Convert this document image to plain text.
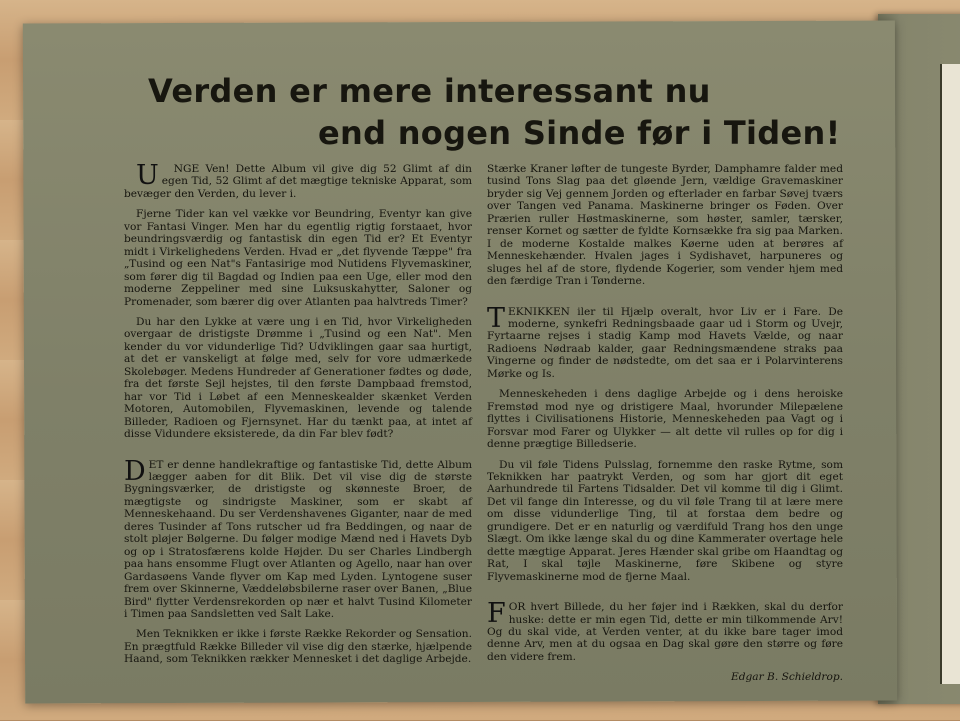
Verden er mere interessant nu
end nogen Sinde før i Tiden!

U NGE Ven! Dette Album vil give dig 52 Glimt af din egen Tid, 52 Glimt af det mægtige tekniske Apparat, som bevæger den Verden, du lever i.

Fjerne Tider kan vel vække vor Beundring, Eventyr kan give vor Fantasi Vinger. Men har du egentlig rigtig forstaaet, hvor beundringsværdig og fantastisk din egen Tid er? Et Eventyr midt i Virkelighedens Verden. Hvad er „det flyvende Tæppe" fra „Tusind og een Nat"s Fantasirige mod Nutidens Flyvemaskiner, som fører dig til Bagdad og Indien paa een Uge, eller mod den moderne Zeppeliner med sine Luksuskahytter, Saloner og Promenader, som bærer dig over Atlanten paa halvtreds Timer?

Du har den Lykke at være ung i en Tid, hvor Virkeligheden overgaar de dristigste Drømme i „Tusind og een Nat". Men kender du vor vidunderlige Tid? Udviklingen gaar saa hurtigt, at det er vanskeligt at følge med, selv for vore udmærkede Skolebøger. Medens Hundreder af Generationer fødtes og døde, fra det første Sejl hejstes, til den første Dampbaad fremstod, har vor Tid i Løbet af een Menneskealder skænket Verden Motoren, Automobilen, Flyvemaskinen, levende og talende Billeder, Radioen og Fjernsynet. Har du tænkt paa, at intet af disse Vidundere eksisterede, da din Far blev født?

DET er denne handlekraftige og fantastiske Tid, dette Album lægger aaben for dit Blik. Det vil vise dig de største Bygningsværker, de dristigste og skønneste Broer, de mægtigste og sindrigste Maskiner, som er skabt af Menneskehaand. Du ser Verdenshavenes Giganter, naar de med deres Tusinder af Tons rutscher ud fra Beddingen, og naar de stolt pløjer Bølgerne. Du følger modige Mænd ned i Havets Dyb og op i Stratosfærens kolde Højder. Du ser Charles Lindbergh paa hans ensomme Flugt over Atlanten og Agello, naar han over Gardasøens Vande flyver om Kap med Lyden. Lyntogene suser frem over Skinnerne, Væddeløbsbilerne raser over Banen, „Blue Bird" flytter Verdensrekorden op nær et halvt Tusind Kilometer i Timen paa Sandsletten ved Salt Lake.

Men Teknikken er ikke i første Række Rekorder og Sensation. En prægtfuld Række Billeder vil vise dig den stærke, hjælpende Haand, som Teknikken rækker Mennesket i det daglige Arbejde.

Stærke Kraner løfter de tungeste Byrder, Damphamre falder med tusind Tons Slag paa det gløende Jern, vældige Gravemaskiner bryder sig Vej gennem Jorden og efterlader en farbar Søvej tværs over Tangen ved Panama. Maskinerne bringer os Føden. Over Prærien ruller Høstmaskinerne, som høster, samler, tærsker, renser Kornet og sætter de fyldte Kornsække fra sig paa Marken. I de moderne Kostalde malkes Køerne uden at berøres af Menneskehænder. Hvalen jages i Sydishavet, harpuneres og sluges hel af de store, flydende Kogerier, som vender hjem med den færdige Tran i Tønderne.

TEKNIKKEN iler til Hjælp overalt, hvor Liv er i Fare. De moderne, synkefri Redningsbaade gaar ud i Storm og Uvejr, Fyrtaarne rejses i stadig Kamp mod Havets Vælde, og naar Radioens Nødraab kalder, gaar Redningsmændene straks paa Vingerne og finder de nødstedte, om det saa er i Polarvinterens Mørke og Is.

Menneskeheden i dens daglige Arbejde og i dens heroiske Fremstød mod nye og dristigere Maal, hvorunder Milepælene flyttes i Civilisationens Historie, Menneskeheden paa Vagt og i Forsvar mod Farer og Ulykker — alt dette vil rulles op for dig i denne prægtige Billedserie.

Du vil føle Tidens Pulsslag, fornemme den raske Rytme, som Teknikken har paatrykt Verden, og som har gjort dit eget Aarhundrede til Fartens Tidsalder. Det vil komme til dig i Glimt. Det vil fange din Interesse, og du vil føle Trang til at lære mere om disse vidunderlige Ting, til at forstaa dem bedre og grundigere. Det er en naturlig og værdifuld Trang hos den unge Slægt. Om ikke længe skal du og dine Kammerater overtage hele dette mægtige Apparat. Jeres Hænder skal gribe om Haandtag og Rat, I skal tøjle Maskinerne, føre Skibene og styre Flyvemaskinerne mod de fjerne Maal.

FOR hvert Billede, du her føjer ind i Rækken, skal du derfor huske: dette er min egen Tid, dette er min tilkommende Arv! Og du skal vide, at Verden venter, at du ikke bare tager imod denne Arv, men at du ogsaa en Dag skal gøre den større og føre den videre frem.

Edgar B. Schieldrop.
